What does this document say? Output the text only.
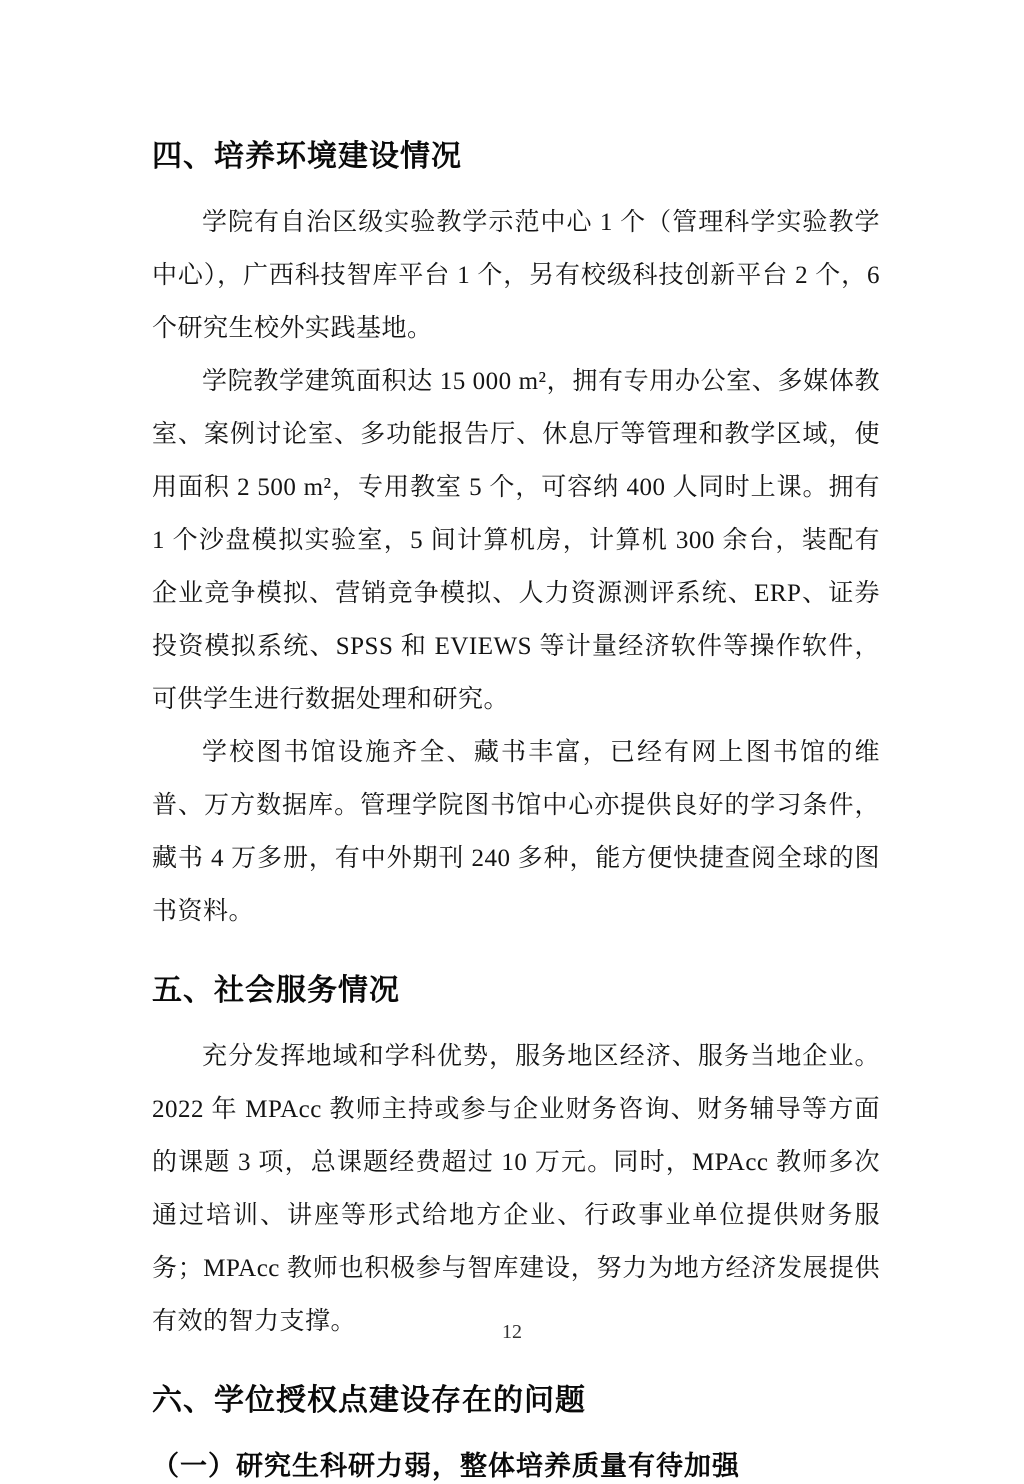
四、培养环境建设情况

学院有自治区级实验教学示范中心 1 个（管理科学实验教学中心），广西科技智库平台 1 个，另有校级科技创新平台 2 个，6 个研究生校外实践基地。

学院教学建筑面积达 15 000 m²，拥有专用办公室、多媒体教室、案例讨论室、多功能报告厅、休息厅等管理和教学区域，使用面积 2 500 m²，专用教室 5 个，可容纳 400 人同时上课。拥有 1 个沙盘模拟实验室，5 间计算机房，计算机 300 余台，装配有企业竞争模拟、营销竞争模拟、人力资源测评系统、ERP、证券投资模拟系统、SPSS 和 EVIEWS 等计量经济软件等操作软件，可供学生进行数据处理和研究。

学校图书馆设施齐全、藏书丰富，已经有网上图书馆的维普、万方数据库。管理学院图书馆中心亦提供良好的学习条件，藏书 4 万多册，有中外期刊 240 多种，能方便快捷查阅全球的图书资料。

五、社会服务情况

充分发挥地域和学科优势，服务地区经济、服务当地企业。2022 年 MPAcc 教师主持或参与企业财务咨询、财务辅导等方面的课题 3 项，总课题经费超过 10 万元。同时，MPAcc 教师多次通过培训、讲座等形式给地方企业、行政事业单位提供财务服务；MPAcc 教师也积极参与智库建设，努力为地方经济发展提供有效的智力支撑。

六、学位授权点建设存在的问题
（一）研究生科研力弱，整体培养质量有待加强
12
